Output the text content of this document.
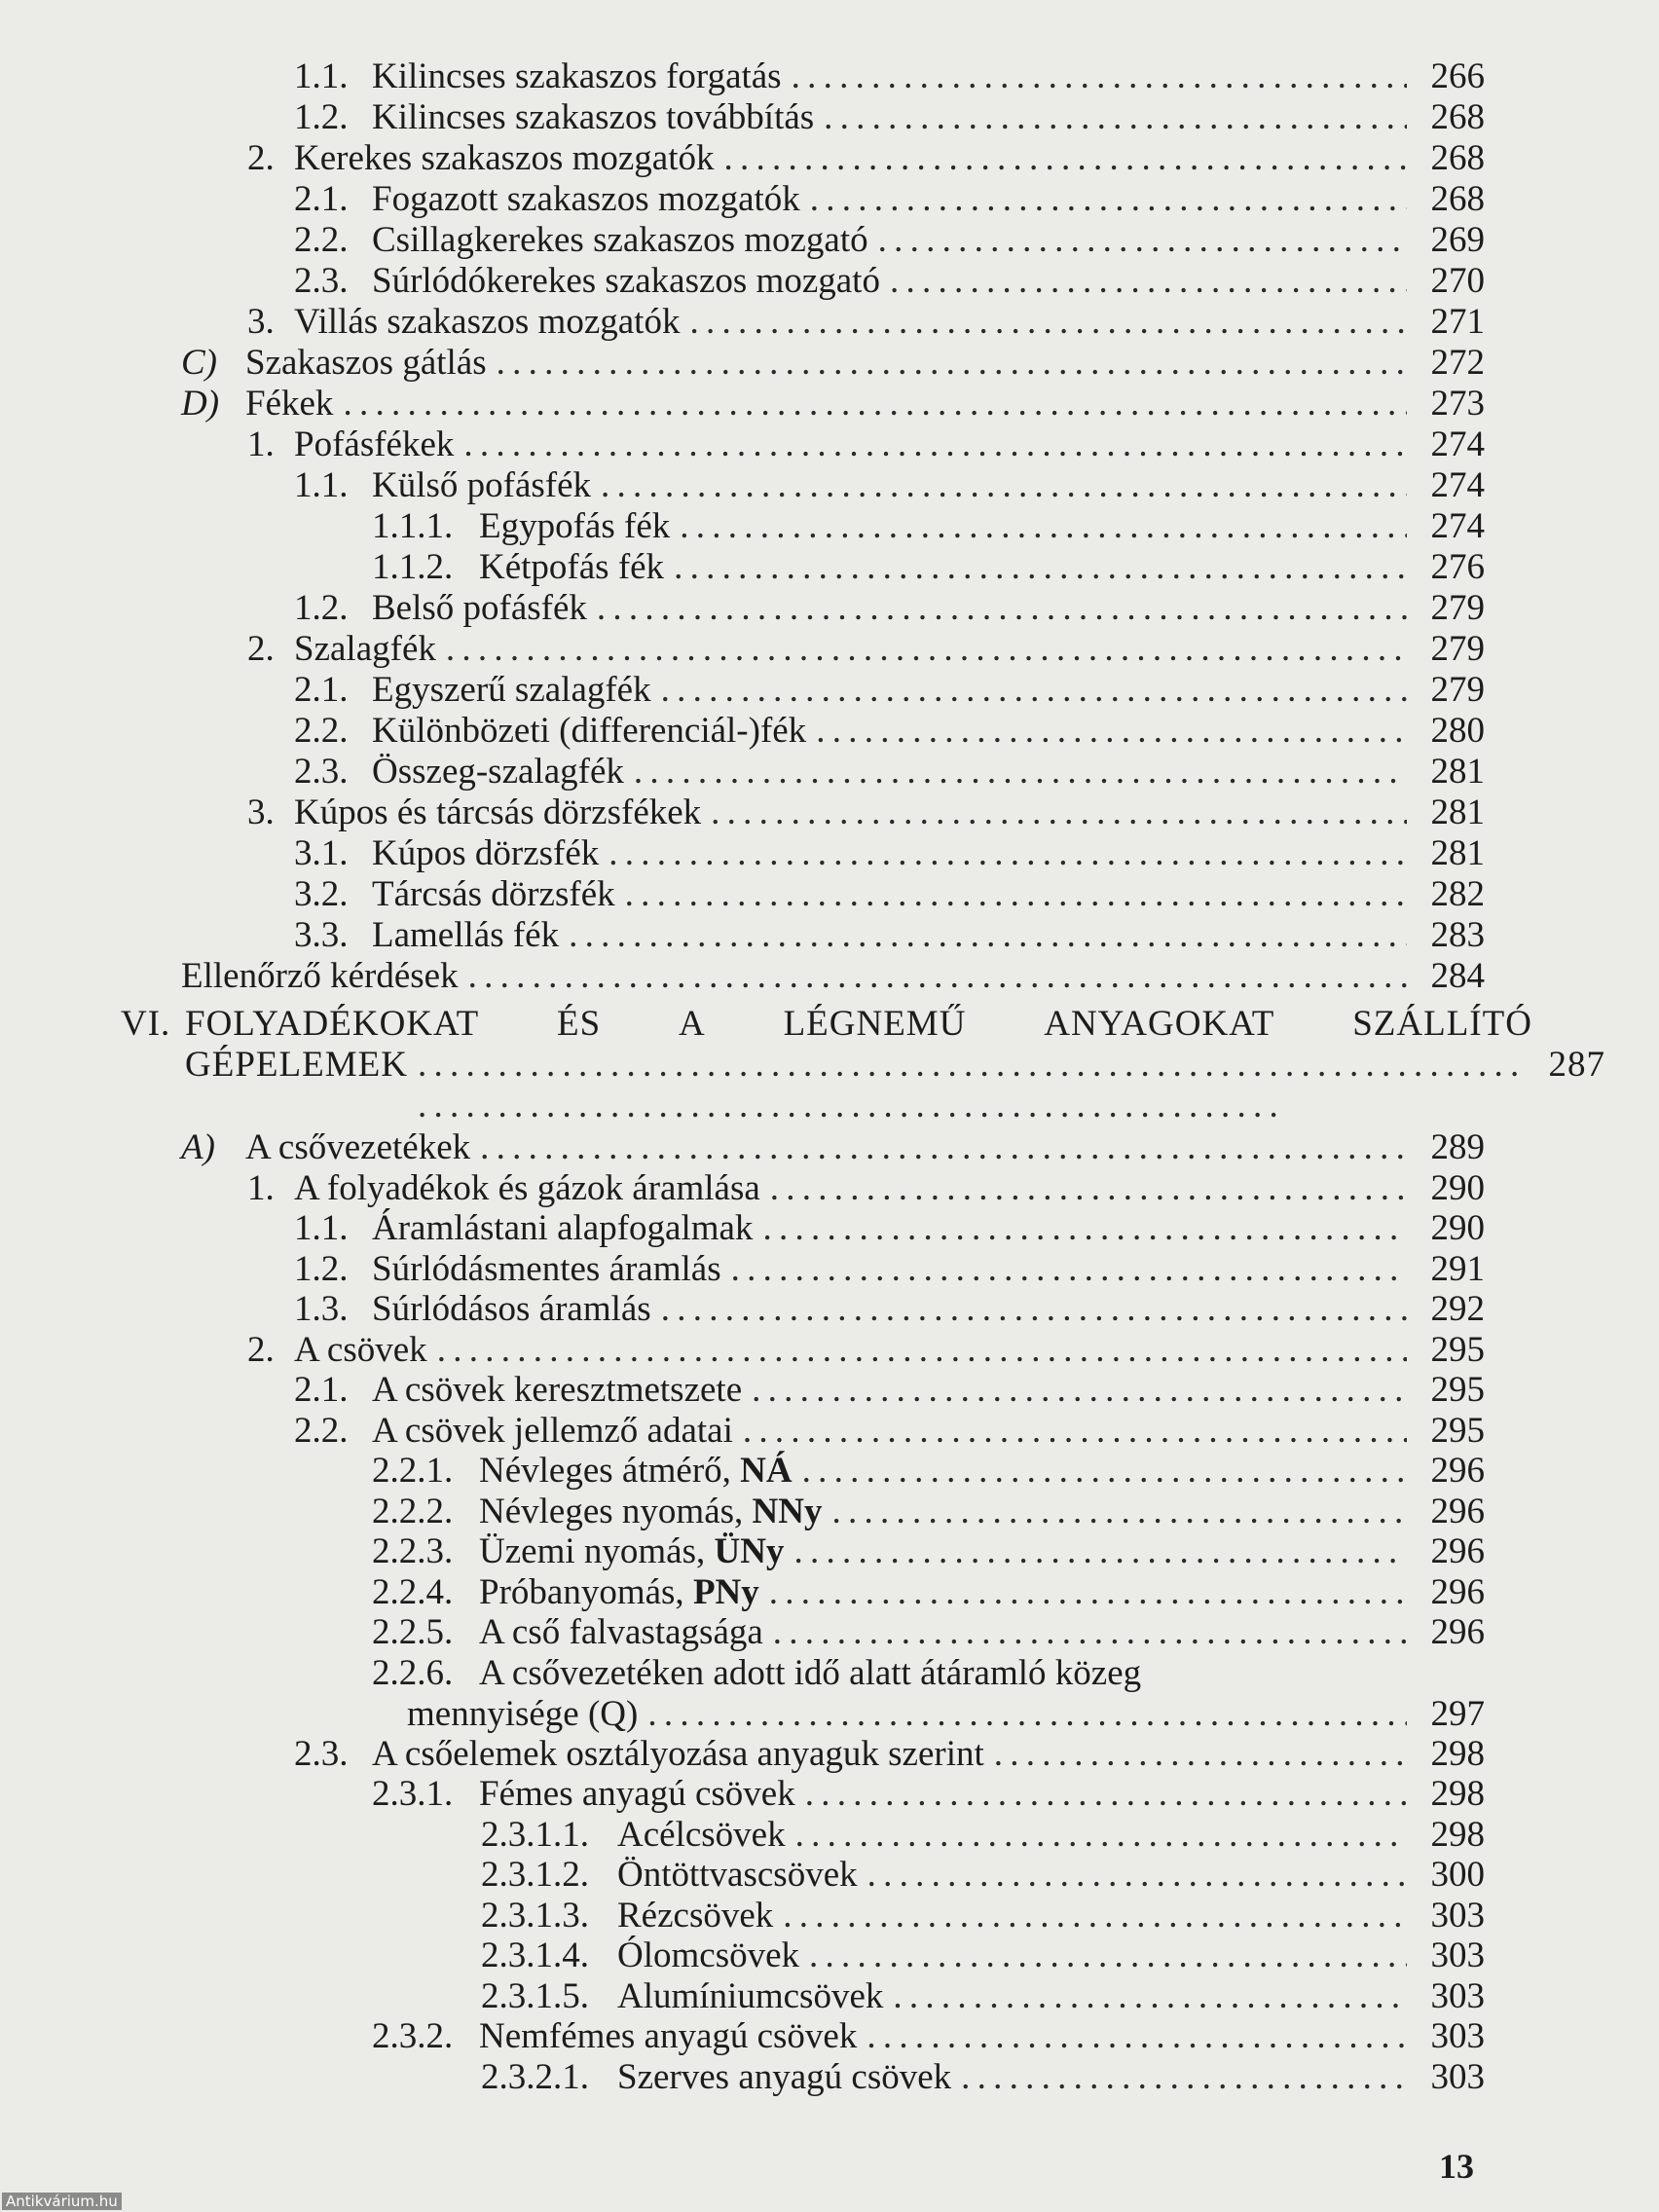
1.1. Kilincses szakaszos forgatás . . .	266
1.2. Kilincses szakaszos továbbítás . . .	268
2. Kerekes szakaszos mozgatók . . .	268
2.1. Fogazott szakaszos mozgatók . . .	268
2.2. Csillagkerekes szakaszos mozgató . . .	269
2.3. Súrlódókerekes szakaszos mozgató . . .	270
3. Villás szakaszos mozgatók . . .	271
C) Szakaszos gátlás . . .	272
D) Fékek . . .	273
1. Pofásfékek . . .	274
1.1. Külső pofásfék . . .	274
1.1.1. Egypofás fék . . .	274
1.1.2. Kétpofás fék . . .	276
1.2. Belső pofásfék . . .	279
2. Szalagfék . . .	279
2.1. Egyszerű szalagfék . . .	279
2.2. Különbözeti (differenciál-)fék . . .	280
2.3. Összeg-szalagfék . . .	281
3. Kúpos és tárcsás dörzsfékek . . .	281
3.1. Kúpos dörzsfék . . .	281
3.2. Tárcsás dörzsfék . . .	282
3.3. Lamellás fék . . .	283
Ellenőrző kérdések . . .	284
VI. FOLYADÉKOKAT ÉS A LÉGNEMŰ ANYAGOKAT SZÁLLÍTÓ
GÉPELEMEK . . .	287
A) A csővezetékek . . .	289
1. A folyadékok és gázok áramlása . . .	290
1.1. Áramlástani alapfogalmak . . .	290
1.2. Súrlódásmentes áramlás . . .	291
1.3. Súrlódásos áramlás . . .	292
2. A csövek . . .	295
2.1. A csövek keresztmetszete . . .	295
2.2. A csövek jellemző adatai . . .	295
2.2.1. Névleges átmérő, NÁ . . .	296
2.2.2. Névleges nyomás, NNy . . .	296
2.2.3. Üzemi nyomás, ÜNy . . .	296
2.2.4. Próbanyomás, PNy . . .	296
2.2.5. A cső falvastagsága . . .	296
2.2.6. A csővezetéken adott idő alatt átáramló közeg
mennyisége (Q) . . .	297
2.3. A csőelemek osztályozása anyaguk szerint . . .	298
2.3.1. Fémes anyagú csövek . . .	298
2.3.1.1. Acélcsövek . . .	298
2.3.1.2. Öntöttvascsövek . . .	300
2.3.1.3. Rézcsövek . . .	303
2.3.1.4. Ólomcsövek . . .	303
2.3.1.5. Alumíniumcsövek . . .	303
2.3.2. Nemfémes anyagú csövek . . .	303
2.3.2.1. Szerves anyagú csövek . . .	303
13
Antikvárium.hu
